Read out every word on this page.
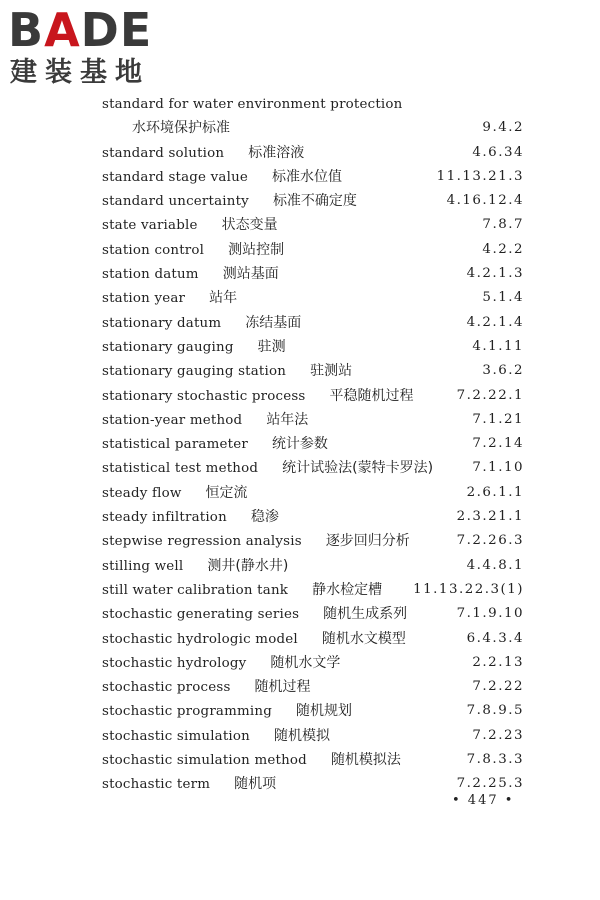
BADE
建装基地
standard for water environment protection
水环境保护标准	9.4.2
standard solution 标准溶液	4.6.34
standard stage value 标准水位值	11.13.21.3
standard uncertainty 标准不确定度	4.16.12.4
state variable 状态变量	7.8.7
station control 测站控制	4.2.2
station datum 测站基面	4.2.1.3
station year 站年	5.1.4
stationary datum 冻结基面	4.2.1.4
stationary gauging 驻测	4.1.11
stationary gauging station 驻测站	3.6.2
stationary stochastic process 平稳随机过程	7.2.22.1
station-year method 站年法	7.1.21
statistical parameter 统计参数	7.2.14
statistical test method 统计试验法(蒙特卡罗法)	7.1.10
steady flow 恒定流	2.6.1.1
steady infiltration 稳渗	2.3.21.1
stepwise regression analysis 逐步回归分析	7.2.26.3
stilling well 测井(静水井)	4.4.8.1
still water calibration tank 静水检定槽 11.13.22.3(1)
stochastic generating series 随机生成系列	7.1.9.10
stochastic hydrologic model 随机水文模型	6.4.3.4
stochastic hydrology 随机水文学	2.2.13
stochastic process 随机过程	7.2.22
stochastic programming 随机规划	7.8.9.5
stochastic simulation 随机模拟	7.2.23
stochastic simulation method 随机模拟法	7.8.3.3
stochastic term 随机项	7.2.25.3
• 447 •
